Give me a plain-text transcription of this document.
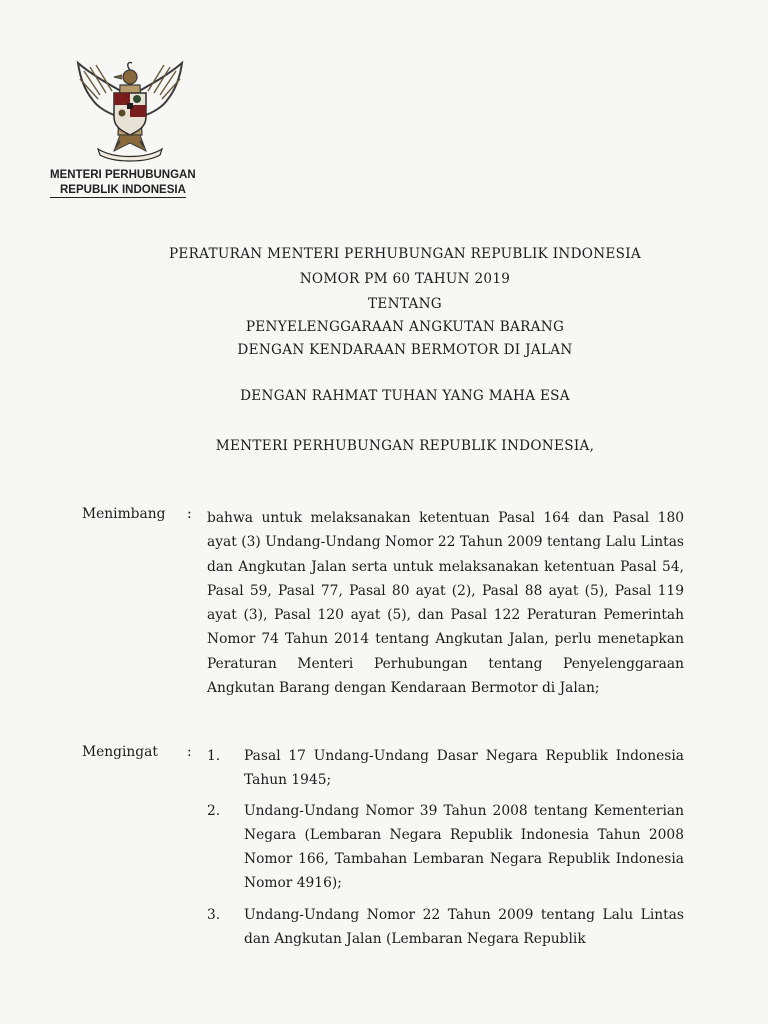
MENTERI PERHUBUNGAN
REPUBLIK INDONESIA
PERATURAN MENTERI PERHUBUNGAN REPUBLIK INDONESIA
NOMOR PM 60 TAHUN 2019
TENTANG
PENYELENGGARAAN ANGKUTAN BARANG
DENGAN KENDARAAN BERMOTOR DI JALAN
DENGAN RAHMAT TUHAN YANG MAHA ESA
MENTERI PERHUBUNGAN REPUBLIK INDONESIA,
Menimbang : bahwa untuk melaksanakan ketentuan Pasal 164 dan Pasal 180 ayat (3) Undang-Undang Nomor 22 Tahun 2009 tentang Lalu Lintas dan Angkutan Jalan serta untuk melaksanakan ketentuan Pasal 54, Pasal 59, Pasal 77, Pasal 80 ayat (2), Pasal 88 ayat (5), Pasal 119 ayat (3), Pasal 120 ayat (5), dan Pasal 122 Peraturan Pemerintah Nomor 74 Tahun 2014 tentang Angkutan Jalan, perlu menetapkan Peraturan Menteri Perhubungan tentang Penyelenggaraan Angkutan Barang dengan Kendaraan Bermotor di Jalan;
Mengingat : 1. Pasal 17 Undang-Undang Dasar Negara Republik Indonesia Tahun 1945;
2. Undang-Undang Nomor 39 Tahun 2008 tentang Kementerian Negara (Lembaran Negara Republik Indonesia Tahun 2008 Nomor 166, Tambahan Lembaran Negara Republik Indonesia Nomor 4916);
3. Undang-Undang Nomor 22 Tahun 2009 tentang Lalu Lintas dan Angkutan Jalan (Lembaran Negara Republik
